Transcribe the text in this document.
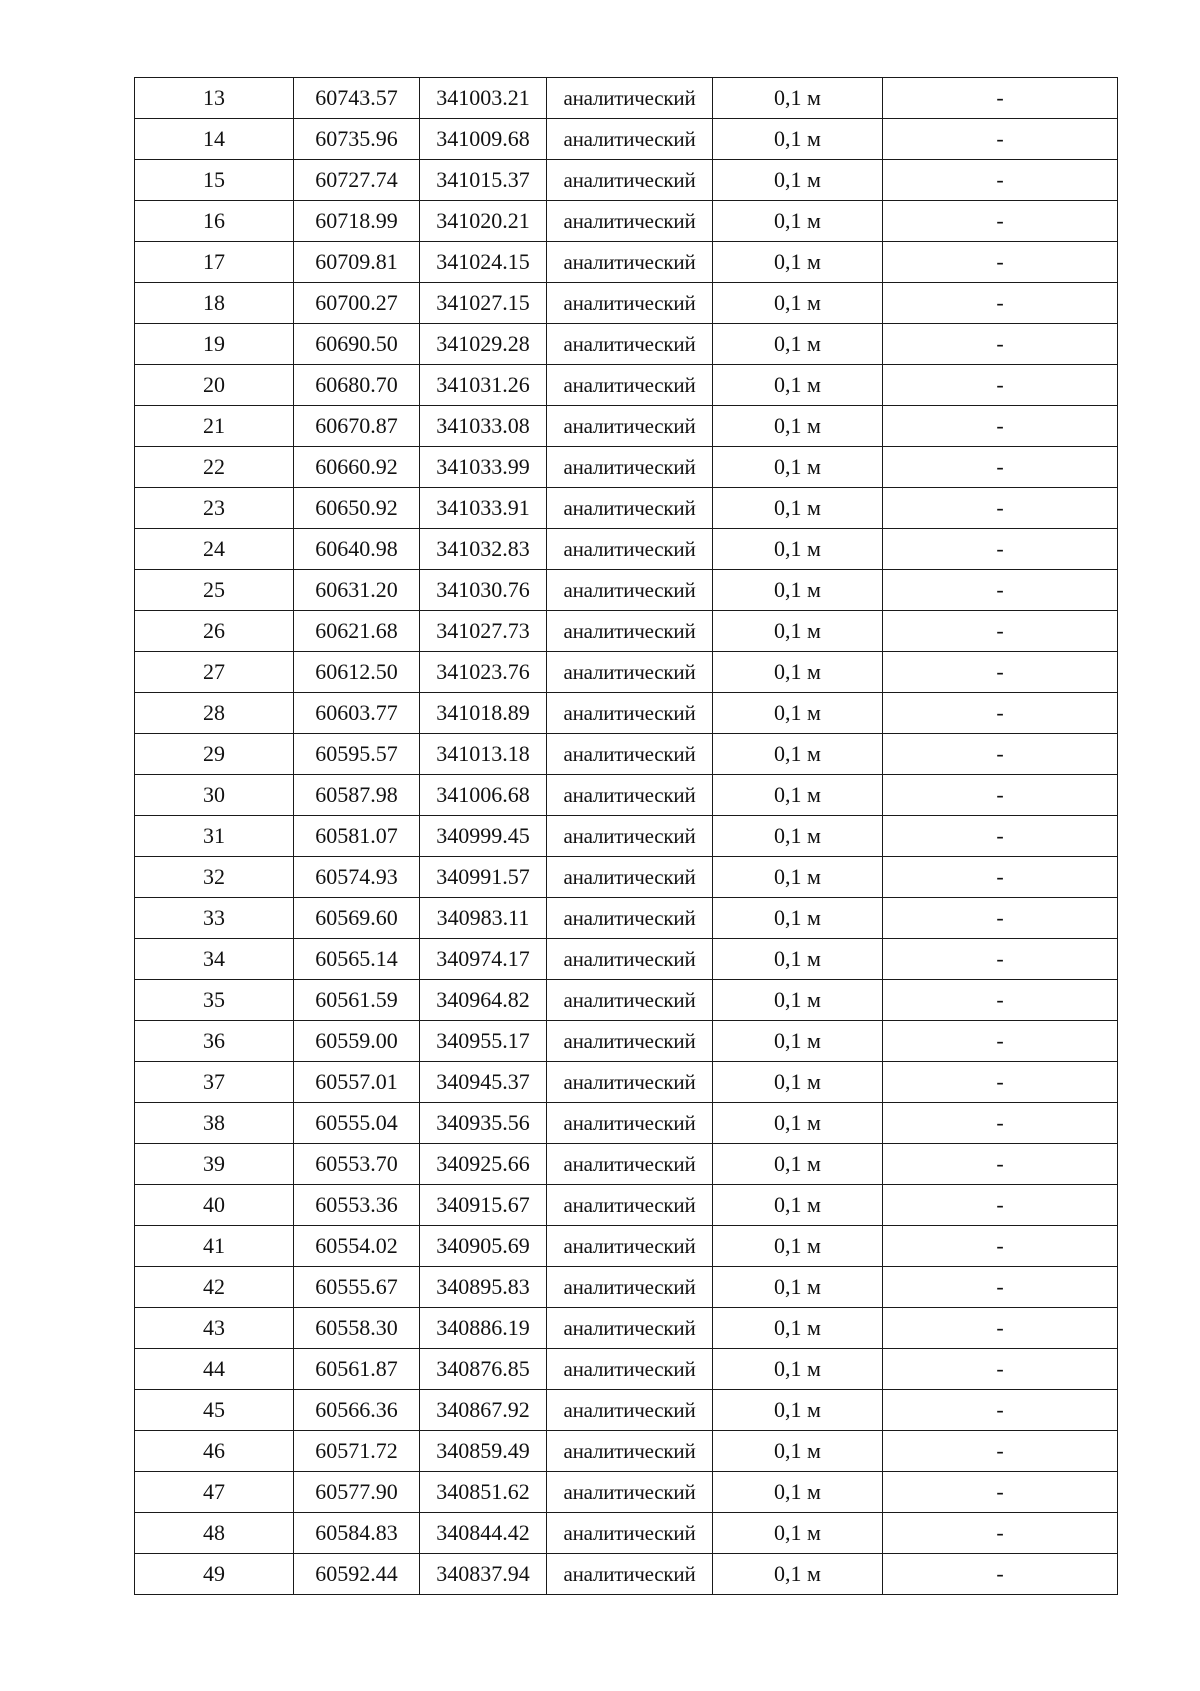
13	60743.57	341003.21	аналитический	0,1 м	-
14	60735.96	341009.68	аналитический	0,1 м	-
15	60727.74	341015.37	аналитический	0,1 м	-
16	60718.99	341020.21	аналитический	0,1 м	-
17	60709.81	341024.15	аналитический	0,1 м	-
18	60700.27	341027.15	аналитический	0,1 м	-
19	60690.50	341029.28	аналитический	0,1 м	-
20	60680.70	341031.26	аналитический	0,1 м	-
21	60670.87	341033.08	аналитический	0,1 м	-
22	60660.92	341033.99	аналитический	0,1 м	-
23	60650.92	341033.91	аналитический	0,1 м	-
24	60640.98	341032.83	аналитический	0,1 м	-
25	60631.20	341030.76	аналитический	0,1 м	-
26	60621.68	341027.73	аналитический	0,1 м	-
27	60612.50	341023.76	аналитический	0,1 м	-
28	60603.77	341018.89	аналитический	0,1 м	-
29	60595.57	341013.18	аналитический	0,1 м	-
30	60587.98	341006.68	аналитический	0,1 м	-
31	60581.07	340999.45	аналитический	0,1 м	-
32	60574.93	340991.57	аналитический	0,1 м	-
33	60569.60	340983.11	аналитический	0,1 м	-
34	60565.14	340974.17	аналитический	0,1 м	-
35	60561.59	340964.82	аналитический	0,1 м	-
36	60559.00	340955.17	аналитический	0,1 м	-
37	60557.01	340945.37	аналитический	0,1 м	-
38	60555.04	340935.56	аналитический	0,1 м	-
39	60553.70	340925.66	аналитический	0,1 м	-
40	60553.36	340915.67	аналитический	0,1 м	-
41	60554.02	340905.69	аналитический	0,1 м	-
42	60555.67	340895.83	аналитический	0,1 м	-
43	60558.30	340886.19	аналитический	0,1 м	-
44	60561.87	340876.85	аналитический	0,1 м	-
45	60566.36	340867.92	аналитический	0,1 м	-
46	60571.72	340859.49	аналитический	0,1 м	-
47	60577.90	340851.62	аналитический	0,1 м	-
48	60584.83	340844.42	аналитический	0,1 м	-
49	60592.44	340837.94	аналитический	0,1 м	-
